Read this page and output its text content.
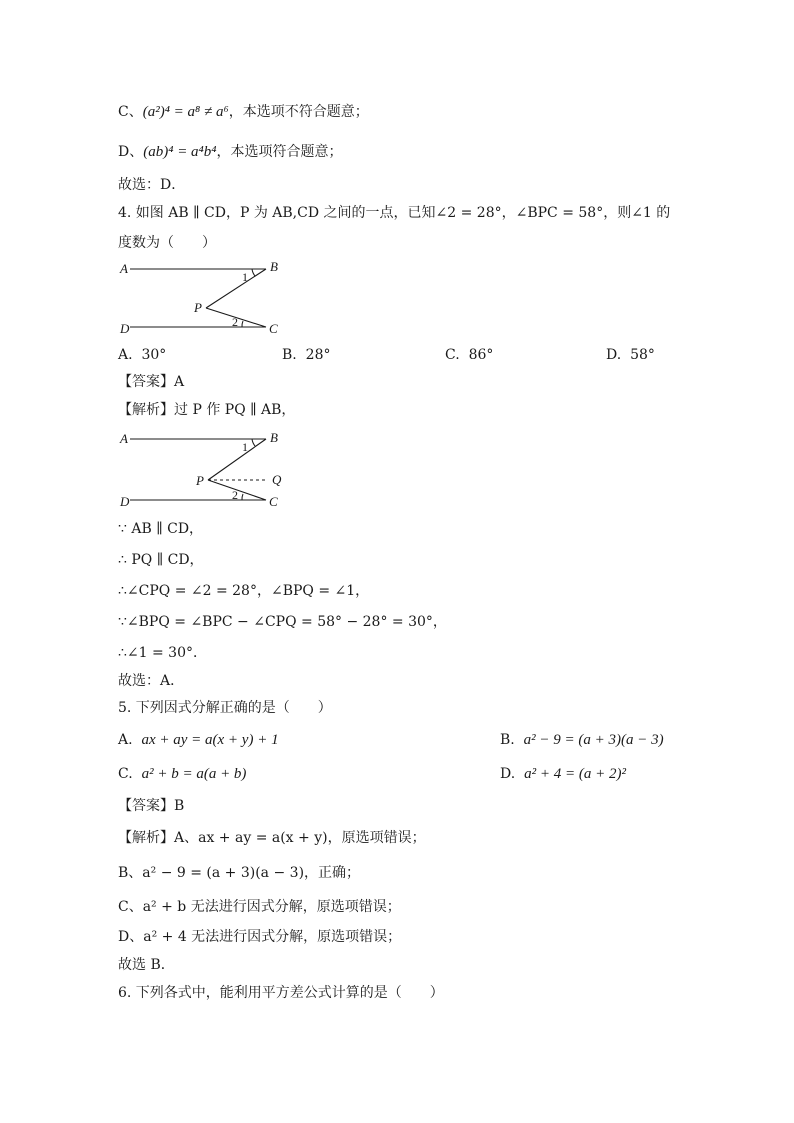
C、(a²)⁴ = a⁸ ≠ a⁶，本选项不符合题意；
D、(ab)⁴ = a⁴b⁴，本选项符合题意；
故选：D．
4. 如图 AB ∥ CD，P 为 AB,CD 之间的一点，已知∠2 = 28°，∠BPC = 58°，则∠1 的
度数为（　　）
A	B
D	C
P
1
2
A. 30°	B. 28°	C. 86°	D. 58°
【答案】A
【解析】过 P 作 PQ ∥ AB，
A	B
D	C
P	Q
1
2
∵ AB ∥ CD，
∴ PQ ∥ CD，
∴∠CPQ = ∠2 = 28°，∠BPQ = ∠1，
∵∠BPQ = ∠BPC − ∠CPQ = 58° − 28° = 30°，
∴∠1 = 30°．
故选：A．
5. 下列因式分解正确的是（　　）
A. ax + ay = a(x + y) + 1	B. a² − 9 = (a + 3)(a − 3)
C. a² + b = a(a + b)	D. a² + 4 = (a + 2)²
【答案】B
【解析】A、ax + ay = a(x + y)，原选项错误；
B、a² − 9 = (a + 3)(a − 3)，正确；
C、a² + b 无法进行因式分解，原选项错误；
D、a² + 4 无法进行因式分解，原选项错误；
故选 B．
6. 下列各式中，能利用平方差公式计算的是（　　）
